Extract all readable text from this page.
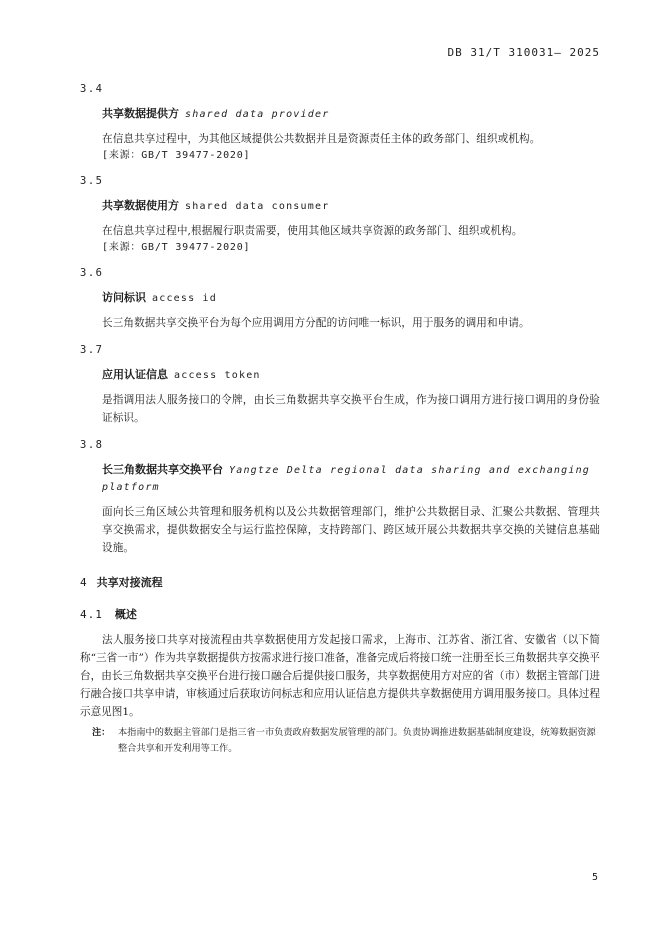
DB 31/T 310031— 2025
3.4
共享数据提供方 shared data provider
在信息共享过程中，为其他区域提供公共数据并且是资源责任主体的政务部门、组织或机构。
[来源：GB/T 39477-2020]
3.5
共享数据使用方 shared data consumer
在信息共享过程中,根据履行职责需要，使用其他区域共享资源的政务部门、组织或机构。
[来源：GB/T 39477-2020]
3.6
访问标识 access id
长三角数据共享交换平台为每个应用调用方分配的访问唯一标识，用于服务的调用和申请。
3.7
应用认证信息 access token
是指调用法人服务接口的令牌，由长三角数据共享交换平台生成，作为接口调用方进行接口调用的身份验证标识。
3.8
长三角数据共享交换平台 Yangtze Delta regional data sharing and exchanging platform
面向长三角区域公共管理和服务机构以及公共数据管理部门，维护公共数据目录、汇聚公共数据、管理共享交换需求，提供数据安全与运行监控保障，支持跨部门、跨区域开展公共数据共享交换的关键信息基础设施。
4 共享对接流程
4.1 概述
法人服务接口共享对接流程由共享数据使用方发起接口需求，上海市、江苏省、浙江省、安徽省（以下简称“三省一市”）作为共享数据提供方按需求进行接口准备，准备完成后将接口统一注册至长三角数据共享交换平台，由长三角数据共享交换平台进行接口融合后提供接口服务，共享数据使用方对应的省（市）数据主管部门进行融合接口共享申请，审核通过后获取访问标志和应用认证信息方提供共享数据使用方调用服务接口。具体过程示意见图1。
注： 本指南中的数据主管部门是指三省一市负责政府数据发展管理的部门。负责协调推进数据基础制度建设，统筹数据资源整合共享和开发利用等工作。
5
